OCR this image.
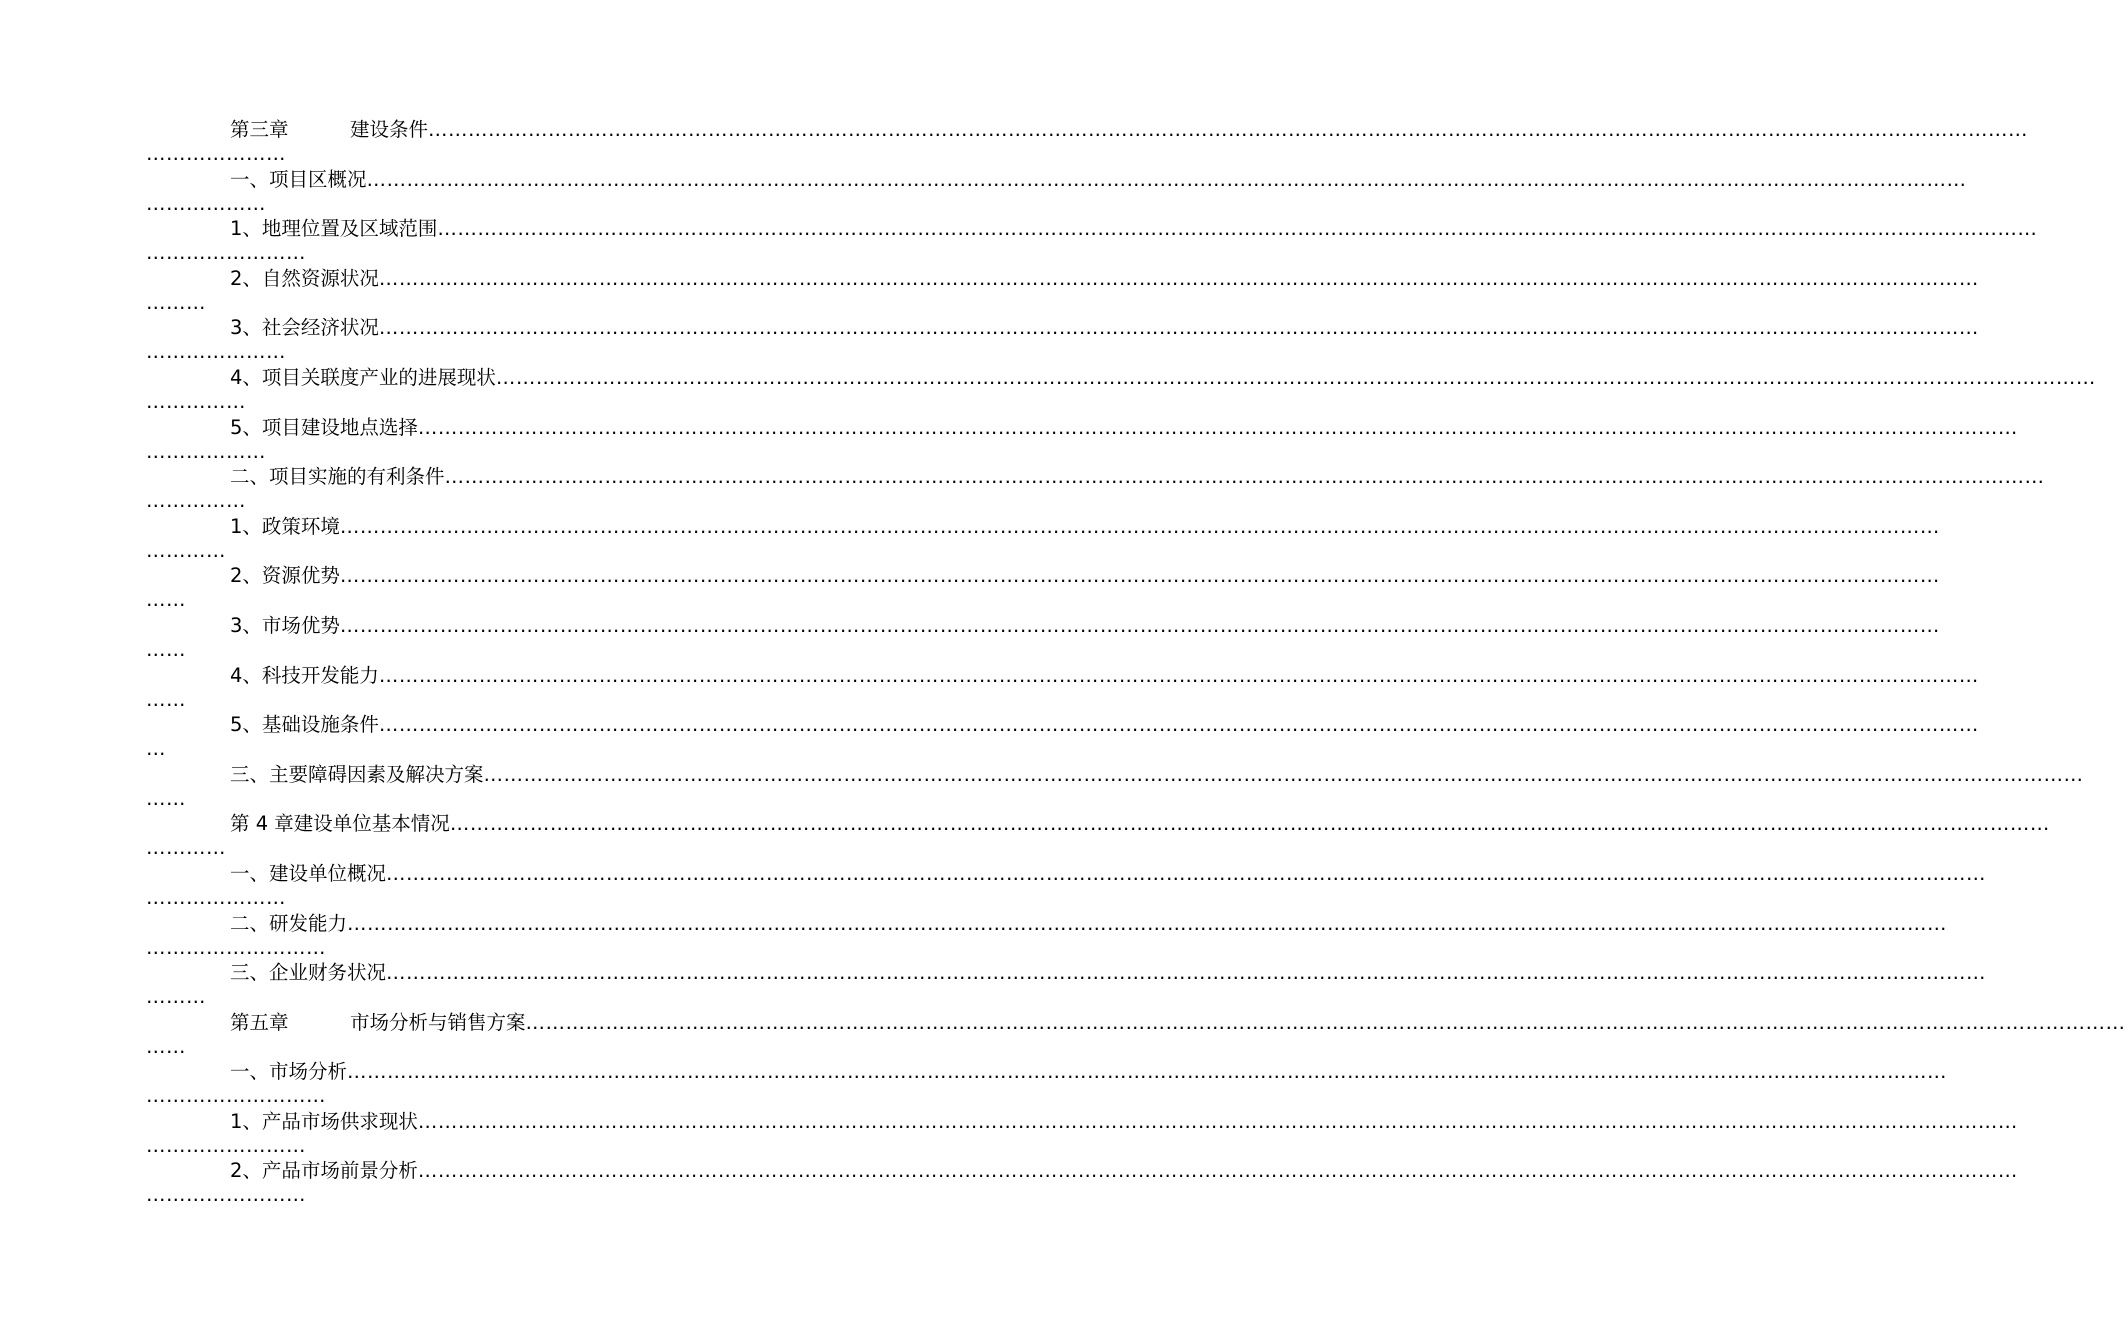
第三章	建设条件 ……………………………………………………………………………………………………………………………………………………………………………………………………………………
…………………
一、项目区概况 ……………………………………………………………………………………………………………………………………………………………………………………………………………………
………………
1、地理位置及区域范围 ……………………………………………………………………………………………………………………………………………………………………………………………………………………
……………………
2、自然资源状况 ……………………………………………………………………………………………………………………………………………………………………………………………………………………
………
3、社会经济状况 ……………………………………………………………………………………………………………………………………………………………………………………………………………………
…………………
4、项目关联度产业的进展现状 ……………………………………………………………………………………………………………………………………………………………………………………………………………………
……………
5、项目建设地点选择 ……………………………………………………………………………………………………………………………………………………………………………………………………………………
………………
二、项目实施的有利条件 ……………………………………………………………………………………………………………………………………………………………………………………………………………………
……………
1、政策环境 ……………………………………………………………………………………………………………………………………………………………………………………………………………………
…………
2、资源优势 ……………………………………………………………………………………………………………………………………………………………………………………………………………………
……
3、市场优势 ……………………………………………………………………………………………………………………………………………………………………………………………………………………
……
4、科技开发能力 ……………………………………………………………………………………………………………………………………………………………………………………………………………………
……
5、基础设施条件 ……………………………………………………………………………………………………………………………………………………………………………………………………………………
…
三、主要障碍因素及解决方案 ……………………………………………………………………………………………………………………………………………………………………………………………………………………
……
第 4 章建设单位基本情况 ……………………………………………………………………………………………………………………………………………………………………………………………………………………
…………
一、建设单位概况 ……………………………………………………………………………………………………………………………………………………………………………………………………………………
…………………
二、研发能力 ……………………………………………………………………………………………………………………………………………………………………………………………………………………
………………………
三、企业财务状况 ……………………………………………………………………………………………………………………………………………………………………………………………………………………
………
第五章	市场分析与销售方案 ……………………………………………………………………………………………………………………………………………………………………………………………………………………
……
一、市场分析 ……………………………………………………………………………………………………………………………………………………………………………………………………………………
………………………
1、产品市场供求现状 ……………………………………………………………………………………………………………………………………………………………………………………………………………………
……………………
2、产品市场前景分析 ……………………………………………………………………………………………………………………………………………………………………………………………………………………
……………………
